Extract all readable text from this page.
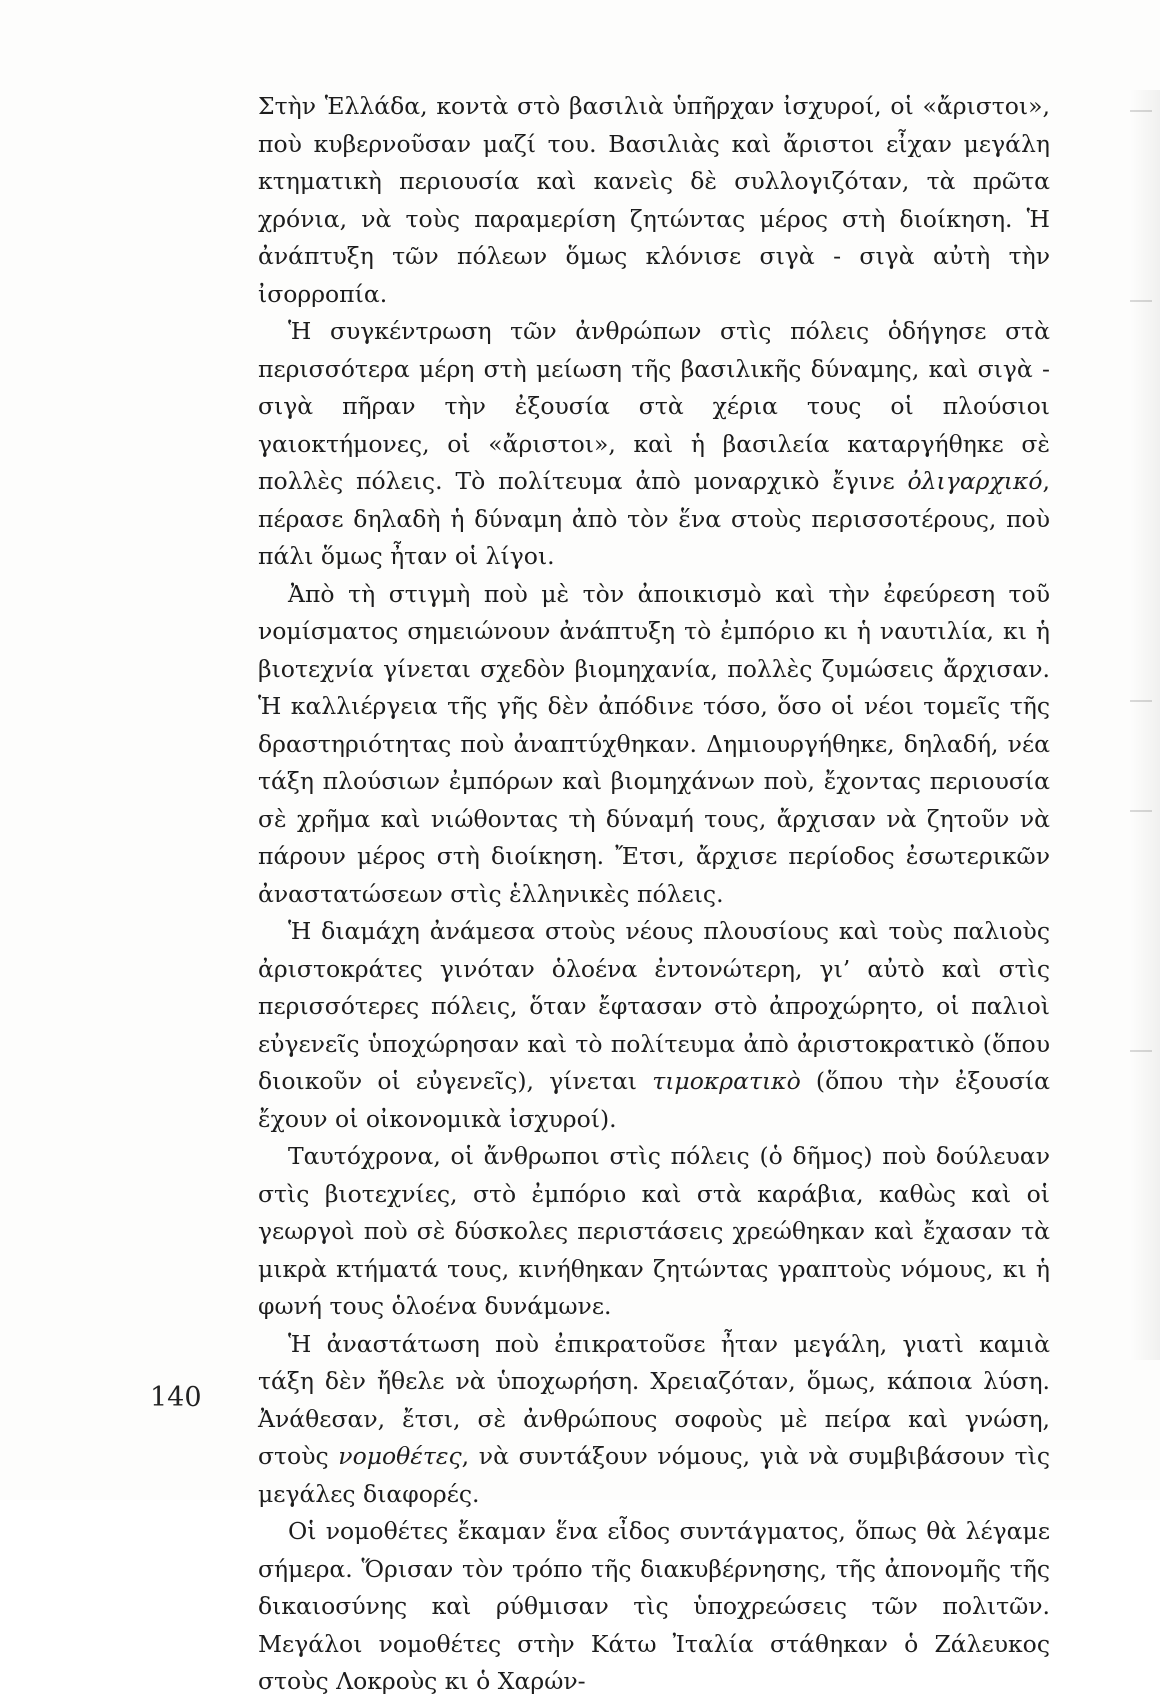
Στὴν Ἑλλάδα, κοντὰ στὸ βασιλιὰ ὑπῆρχαν ἰσχυροί, οἱ «ἄριστοι», ποὺ κυβερνοῦσαν μαζί του. Βασιλιὰς καὶ ἄριστοι εἶχαν μεγάλη κτηματικὴ περιουσία καὶ κανεὶς δὲ συλλογιζόταν, τὰ πρῶτα χρόνια, νὰ τοὺς παραμερίση ζητώντας μέρος στὴ διοίκηση. Ἡ ἀνάπτυξη τῶν πόλεων ὅμως κλόνισε σιγὰ - σιγὰ αὐτὴ τὴν ἰσορροπία.

Ἡ συγκέντρωση τῶν ἀνθρώπων στὶς πόλεις ὁδήγησε στὰ περισσότερα μέρη στὴ μείωση τῆς βασιλικῆς δύναμης, καὶ σιγὰ - σιγὰ πῆραν τὴν ἐξουσία στὰ χέρια τους οἱ πλούσιοι γαιοκτήμονες, οἱ «ἄριστοι», καὶ ἡ βασιλεία καταργήθηκε σὲ πολλὲς πόλεις. Τὸ πολίτευμα ἀπὸ μοναρχικὸ ἔγινε ὀλιγαρχικό, πέρασε δηλαδὴ ἡ δύναμη ἀπὸ τὸν ἕνα στοὺς περισσοτέρους, ποὺ πάλι ὅμως ἦταν οἱ λίγοι.

Ἀπὸ τὴ στιγμὴ ποὺ μὲ τὸν ἀποικισμὸ καὶ τὴν ἐφεύρεση τοῦ νομίσματος σημειώνουν ἀνάπτυξη τὸ ἐμπόριο κι ἡ ναυτιλία, κι ἡ βιοτεχνία γίνεται σχεδὸν βιομηχανία, πολλὲς ζυμώσεις ἄρχισαν. Ἡ καλλιέργεια τῆς γῆς δὲν ἀπόδινε τόσο, ὅσο οἱ νέοι τομεῖς τῆς δραστηριότητας ποὺ ἀναπτύχθηκαν. Δημιουργήθηκε, δηλαδή, νέα τάξη πλούσιων ἐμπόρων καὶ βιομηχάνων ποὺ, ἔχοντας περιουσία σὲ χρῆμα καὶ νιώθοντας τὴ δύναμή τους, ἄρχισαν νὰ ζητοῦν νὰ πάρουν μέρος στὴ διοίκηση. Ἔτσι, ἄρχισε περίοδος ἐσωτερικῶν ἀναστατώσεων στὶς ἑλληνικὲς πόλεις.

Ἡ διαμάχη ἀνάμεσα στοὺς νέους πλουσίους καὶ τοὺς παλιοὺς ἀριστοκράτες γινόταν ὁλοένα ἐντονώτερη, γι’ αὐτὸ καὶ στὶς περισσότερες πόλεις, ὅταν ἔφτασαν στὸ ἀπροχώρητο, οἱ παλιοὶ εὐγενεῖς ὑποχώρησαν καὶ τὸ πολίτευμα ἀπὸ ἀριστοκρατικὸ (ὅπου διοικοῦν οἱ εὐγενεῖς), γίνεται τιμοκρατικὸ (ὅπου τὴν ἐξουσία ἔχουν οἱ οἰκονομικὰ ἰσχυροί).

Ταυτόχρονα, οἱ ἄνθρωποι στὶς πόλεις (ὁ δῆμος) ποὺ δούλευαν στὶς βιοτεχνίες, στὸ ἐμπόριο καὶ στὰ καράβια, καθὼς καὶ οἱ γεωργοὶ ποὺ σὲ δύσκολες περιστάσεις χρεώθηκαν καὶ ἔχασαν τὰ μικρὰ κτήματά τους, κινήθηκαν ζητώντας γραπτοὺς νόμους, κι ἡ φωνή τους ὁλοένα δυνάμωνε.

Ἡ ἀναστάτωση ποὺ ἐπικρατοῦσε ἦταν μεγάλη, γιατὶ καμιὰ τάξη δὲν ἤθελε νὰ ὑποχωρήση. Χρειαζόταν, ὅμως, κάποια λύση. Ἀνάθεσαν, ἔτσι, σὲ ἀνθρώπους σοφοὺς μὲ πείρα καὶ γνώση, στοὺς νομοθέτες, νὰ συντάξουν νόμους, γιὰ νὰ συμβιβάσουν τὶς μεγάλες διαφορές.

Οἱ νομοθέτες ἔκαμαν ἕνα εἶδος συντάγματος, ὅπως θὰ λέγαμε σήμερα. Ὅρισαν τὸν τρόπο τῆς διακυβέρνησης, τῆς ἀπονομῆς τῆς δικαιοσύνης καὶ ρύθμισαν τὶς ὑποχρεώσεις τῶν πολιτῶν. Μεγάλοι νομοθέτες στὴν Κάτω Ἰταλία στάθηκαν ὁ Ζάλευκος στοὺς Λοκροὺς κι ὁ Χαρών-

140
